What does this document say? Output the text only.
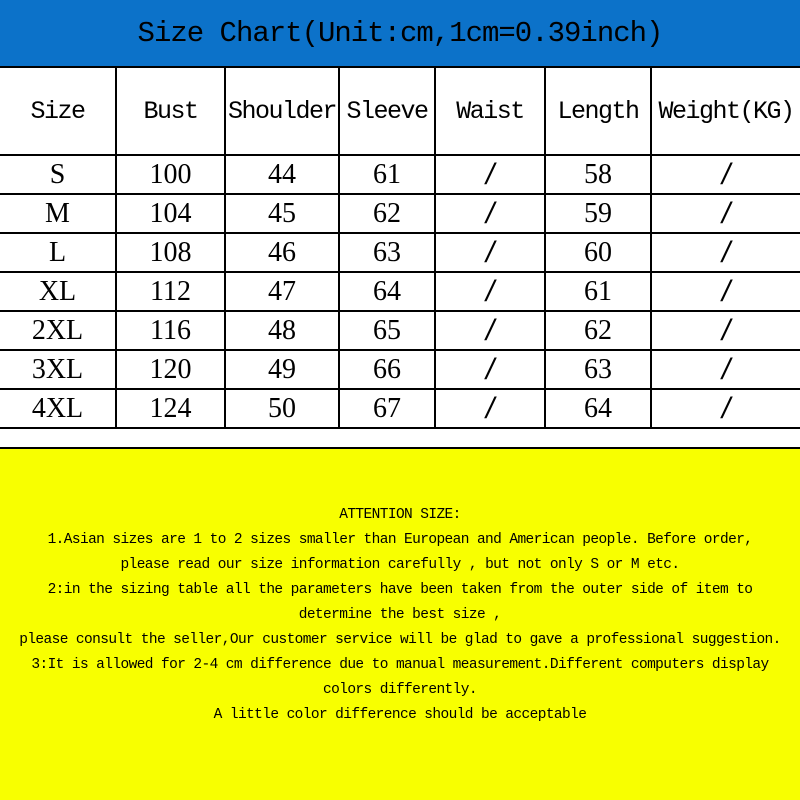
Size Chart(Unit:cm,1cm=0.39inch)
Size	Bust	Shoulder	Sleeve	Waist	Length	Weight(KG)
S	100	44	61	/	58	/
M	104	45	62	/	59	/
L	108	46	63	/	60	/
XL	112	47	64	/	61	/
2XL	116	48	65	/	62	/
3XL	120	49	66	/	63	/
4XL	124	50	67	/	64	/
ATTENTION SIZE:
1.Asian sizes are 1 to 2 sizes smaller than European and American people. Before order,
please read our size information carefully , but not only S or M etc.
2:in the sizing table all the parameters have been taken from the outer side of item to
determine the best size ,
please consult the seller,Our customer service will be glad to gave a professional suggestion.
3:It is allowed for 2-4 cm difference due to manual measurement.Different computers display
colors differently.
A little color difference should be acceptable
